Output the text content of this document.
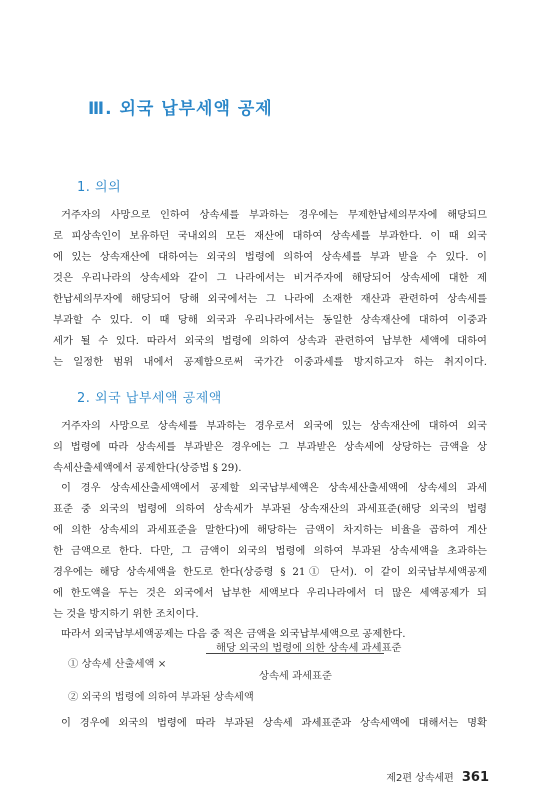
Ⅲ. 외국 납부세액 공제
1. 의의
거주자의 사망으로 인하여 상속세를 부과하는 경우에는 무제한납세의무자에 해당되므
로 피상속인이 보유하던 국내외의 모든 재산에 대하여 상속세를 부과한다. 이 때 외국
에 있는 상속재산에 대하여는 외국의 법령에 의하여 상속세를 부과 받을 수 있다. 이
것은 우리나라의 상속세와 같이 그 나라에서는 비거주자에 해당되어 상속세에 대한 제
한납세의무자에 해당되어 당해 외국에서는 그 나라에 소재한 재산과 관련하여 상속세를
부과할 수 있다. 이 때 당해 외국과 우리나라에서는 동일한 상속재산에 대하여 이중과
세가 될 수 있다. 따라서 외국의 법령에 의하여 상속과 관련하여 납부한 세액에 대하여
는 일정한 범위 내에서 공제함으로써 국가간 이중과세를 방지하고자 하는 취지이다.
2. 외국 납부세액 공제액
거주자의 사망으로 상속세를 부과하는 경우로서 외국에 있는 상속재산에 대하여 외국
의 법령에 따라 상속세를 부과받은 경우에는 그 부과받은 상속세에 상당하는 금액을 상
속세산출세액에서 공제한다(상증법 § 29).
이 경우 상속세산출세액에서 공제할 외국납부세액은 상속세산출세액에 상속세의 과세
표준 중 외국의 법령에 의하여 상속세가 부과된 상속재산의 과세표준(해당 외국의 법령
에 의한 상속세의 과세표준을 말한다)에 해당하는 금액이 차지하는 비율을 곱하여 계산
한 금액으로 한다. 다만, 그 금액이 외국의 법령에 의하여 부과된 상속세액을 초과하는
경우에는 해당 상속세액을 한도로 한다(상증령 § 21① 단서). 이 같이 외국납부세액공제
에 한도액을 두는 것은 외국에서 납부한 세액보다 우리나라에서 더 많은 세액공제가 되
는 것을 방지하기 위한 조치이다.
따라서 외국납부세액공제는 다음 중 적은 금액을 외국납부세액으로 공제한다.
① 상속세 산출세액 ×
해당 외국의 법령에 의한 상속세 과세표준
상속세 과세표준
② 외국의 법령에 의하여 부과된 상속세액
이 경우에 외국의 법령에 따라 부과된 상속세 과세표준과 상속세액에 대해서는 명확
제2편 상속세편 361
